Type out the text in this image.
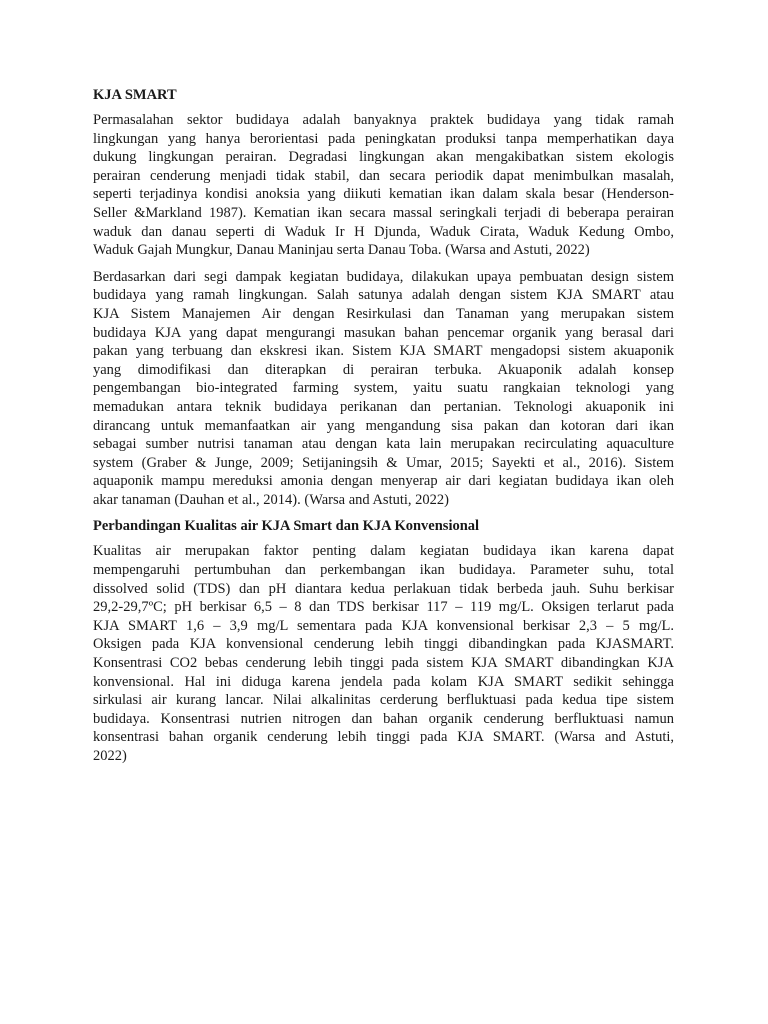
KJA SMART
Permasalahan sektor budidaya adalah banyaknya praktek budidaya yang tidak ramah
lingkungan yang hanya berorientasi pada peningkatan produksi tanpa memperhatikan daya
dukung lingkungan perairan. Degradasi lingkungan akan mengakibatkan sistem ekologis
perairan cenderung menjadi tidak stabil, dan secara periodik dapat menimbulkan masalah,
seperti terjadinya kondisi anoksia yang diikuti kematian ikan dalam skala besar (Henderson-
Seller &Markland 1987). Kematian ikan secara massal seringkali terjadi di beberapa perairan
waduk dan danau seperti di Waduk Ir H Djunda, Waduk Cirata, Waduk Kedung Ombo,
Waduk Gajah Mungkur, Danau Maninjau serta Danau Toba. (Warsa and Astuti, 2022)
Berdasarkan dari segi dampak kegiatan budidaya, dilakukan upaya pembuatan design sistem
budidaya yang ramah lingkungan. Salah satunya adalah dengan sistem KJA SMART atau
KJA Sistem Manajemen Air dengan Resirkulasi dan Tanaman yang merupakan sistem
budidaya KJA yang dapat mengurangi masukan bahan pencemar organik yang berasal dari
pakan yang terbuang dan ekskresi ikan. Sistem KJA SMART mengadopsi sistem akuaponik
yang dimodifikasi dan diterapkan di perairan terbuka. Akuaponik adalah konsep
pengembangan bio-integrated farming system, yaitu suatu rangkaian teknologi yang
memadukan antara teknik budidaya perikanan dan pertanian. Teknologi akuaponik ini
dirancang untuk memanfaatkan air yang mengandung sisa pakan dan kotoran dari ikan
sebagai sumber nutrisi tanaman atau dengan kata lain merupakan recirculating aquaculture
system (Graber & Junge, 2009; Setijaningsih & Umar, 2015; Sayekti et al., 2016). Sistem
aquaponik mampu mereduksi amonia dengan menyerap air dari kegiatan budidaya ikan oleh
akar tanaman (Dauhan et al., 2014). (Warsa and Astuti, 2022)
Perbandingan Kualitas air KJA Smart dan KJA Konvensional
Kualitas air merupakan faktor penting dalam kegiatan budidaya ikan karena dapat
mempengaruhi pertumbuhan dan perkembangan ikan budidaya. Parameter suhu, total
dissolved solid (TDS) dan pH diantara kedua perlakuan tidak berbeda jauh. Suhu berkisar
29,2-29,7ºC; pH berkisar 6,5 – 8 dan TDS berkisar 117 – 119 mg/L. Oksigen terlarut pada
KJA SMART 1,6 – 3,9 mg/L sementara pada KJA konvensional berkisar 2,3 – 5 mg/L.
Oksigen pada KJA konvensional cenderung lebih tinggi dibandingkan pada KJASMART.
Konsentrasi CO2 bebas cenderung lebih tinggi pada sistem KJA SMART dibandingkan KJA
konvensional. Hal ini diduga karena jendela pada kolam KJA SMART sedikit sehingga
sirkulasi air kurang lancar. Nilai alkalinitas cerderung berfluktuasi pada kedua tipe sistem
budidaya. Konsentrasi nutrien nitrogen dan bahan organik cenderung berfluktuasi namun
konsentrasi bahan organik cenderung lebih tinggi pada KJA SMART. (Warsa and Astuti,
2022)
